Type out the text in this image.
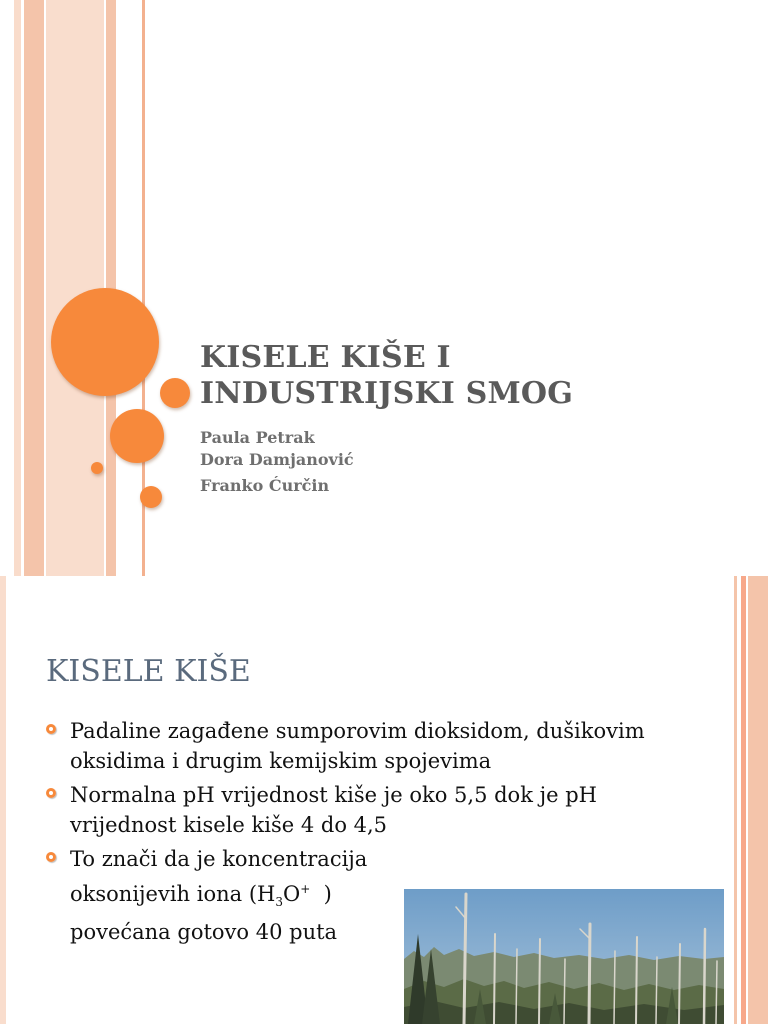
KISELE KIŠE I
INDUSTRIJSKI SMOG
Paula Petrak
Dora Damjanović
Franko Ćurčin
KISELE KIŠE
Padaline zagađene sumporovim dioksidom, dušikovim oksidima i drugim kemijskim spojevima
Normalna pH vrijednost kiše je oko 5,5 dok je pH vrijednost kisele kiše 4 do 4,5
To znači da je koncentracija
oksonijevih iona ($H_3O^+$  )
povećana gotovo 40 puta
